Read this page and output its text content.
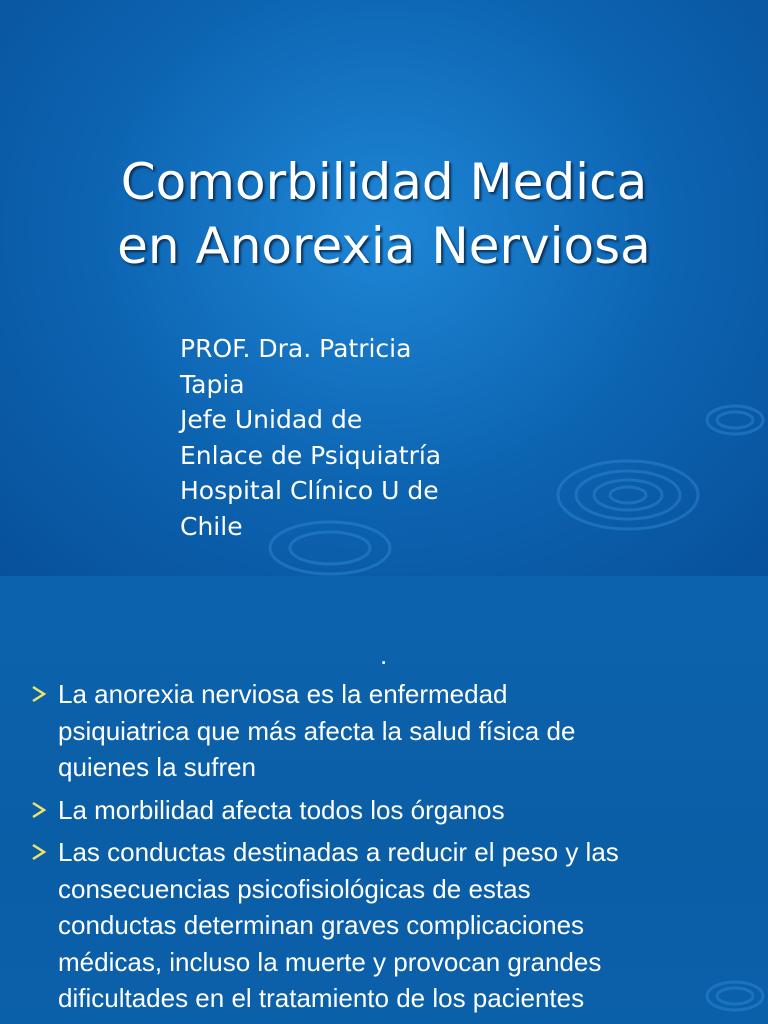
Comorbilidad Medica
en Anorexia Nerviosa
PROF. Dra. Patricia
Tapia
Jefe Unidad de
Enlace de Psiquiatría
Hospital Clínico U de
Chile
.
La anorexia nerviosa es la enfermedad
psiquiatrica que más afecta la salud física de
quienes la sufren
La morbilidad afecta todos los órganos
Las conductas destinadas a reducir el peso y las
consecuencias psicofisiológicas de estas
conductas determinan graves complicaciones
médicas, incluso la muerte y provocan grandes
dificultades en el tratamiento de los pacientes
